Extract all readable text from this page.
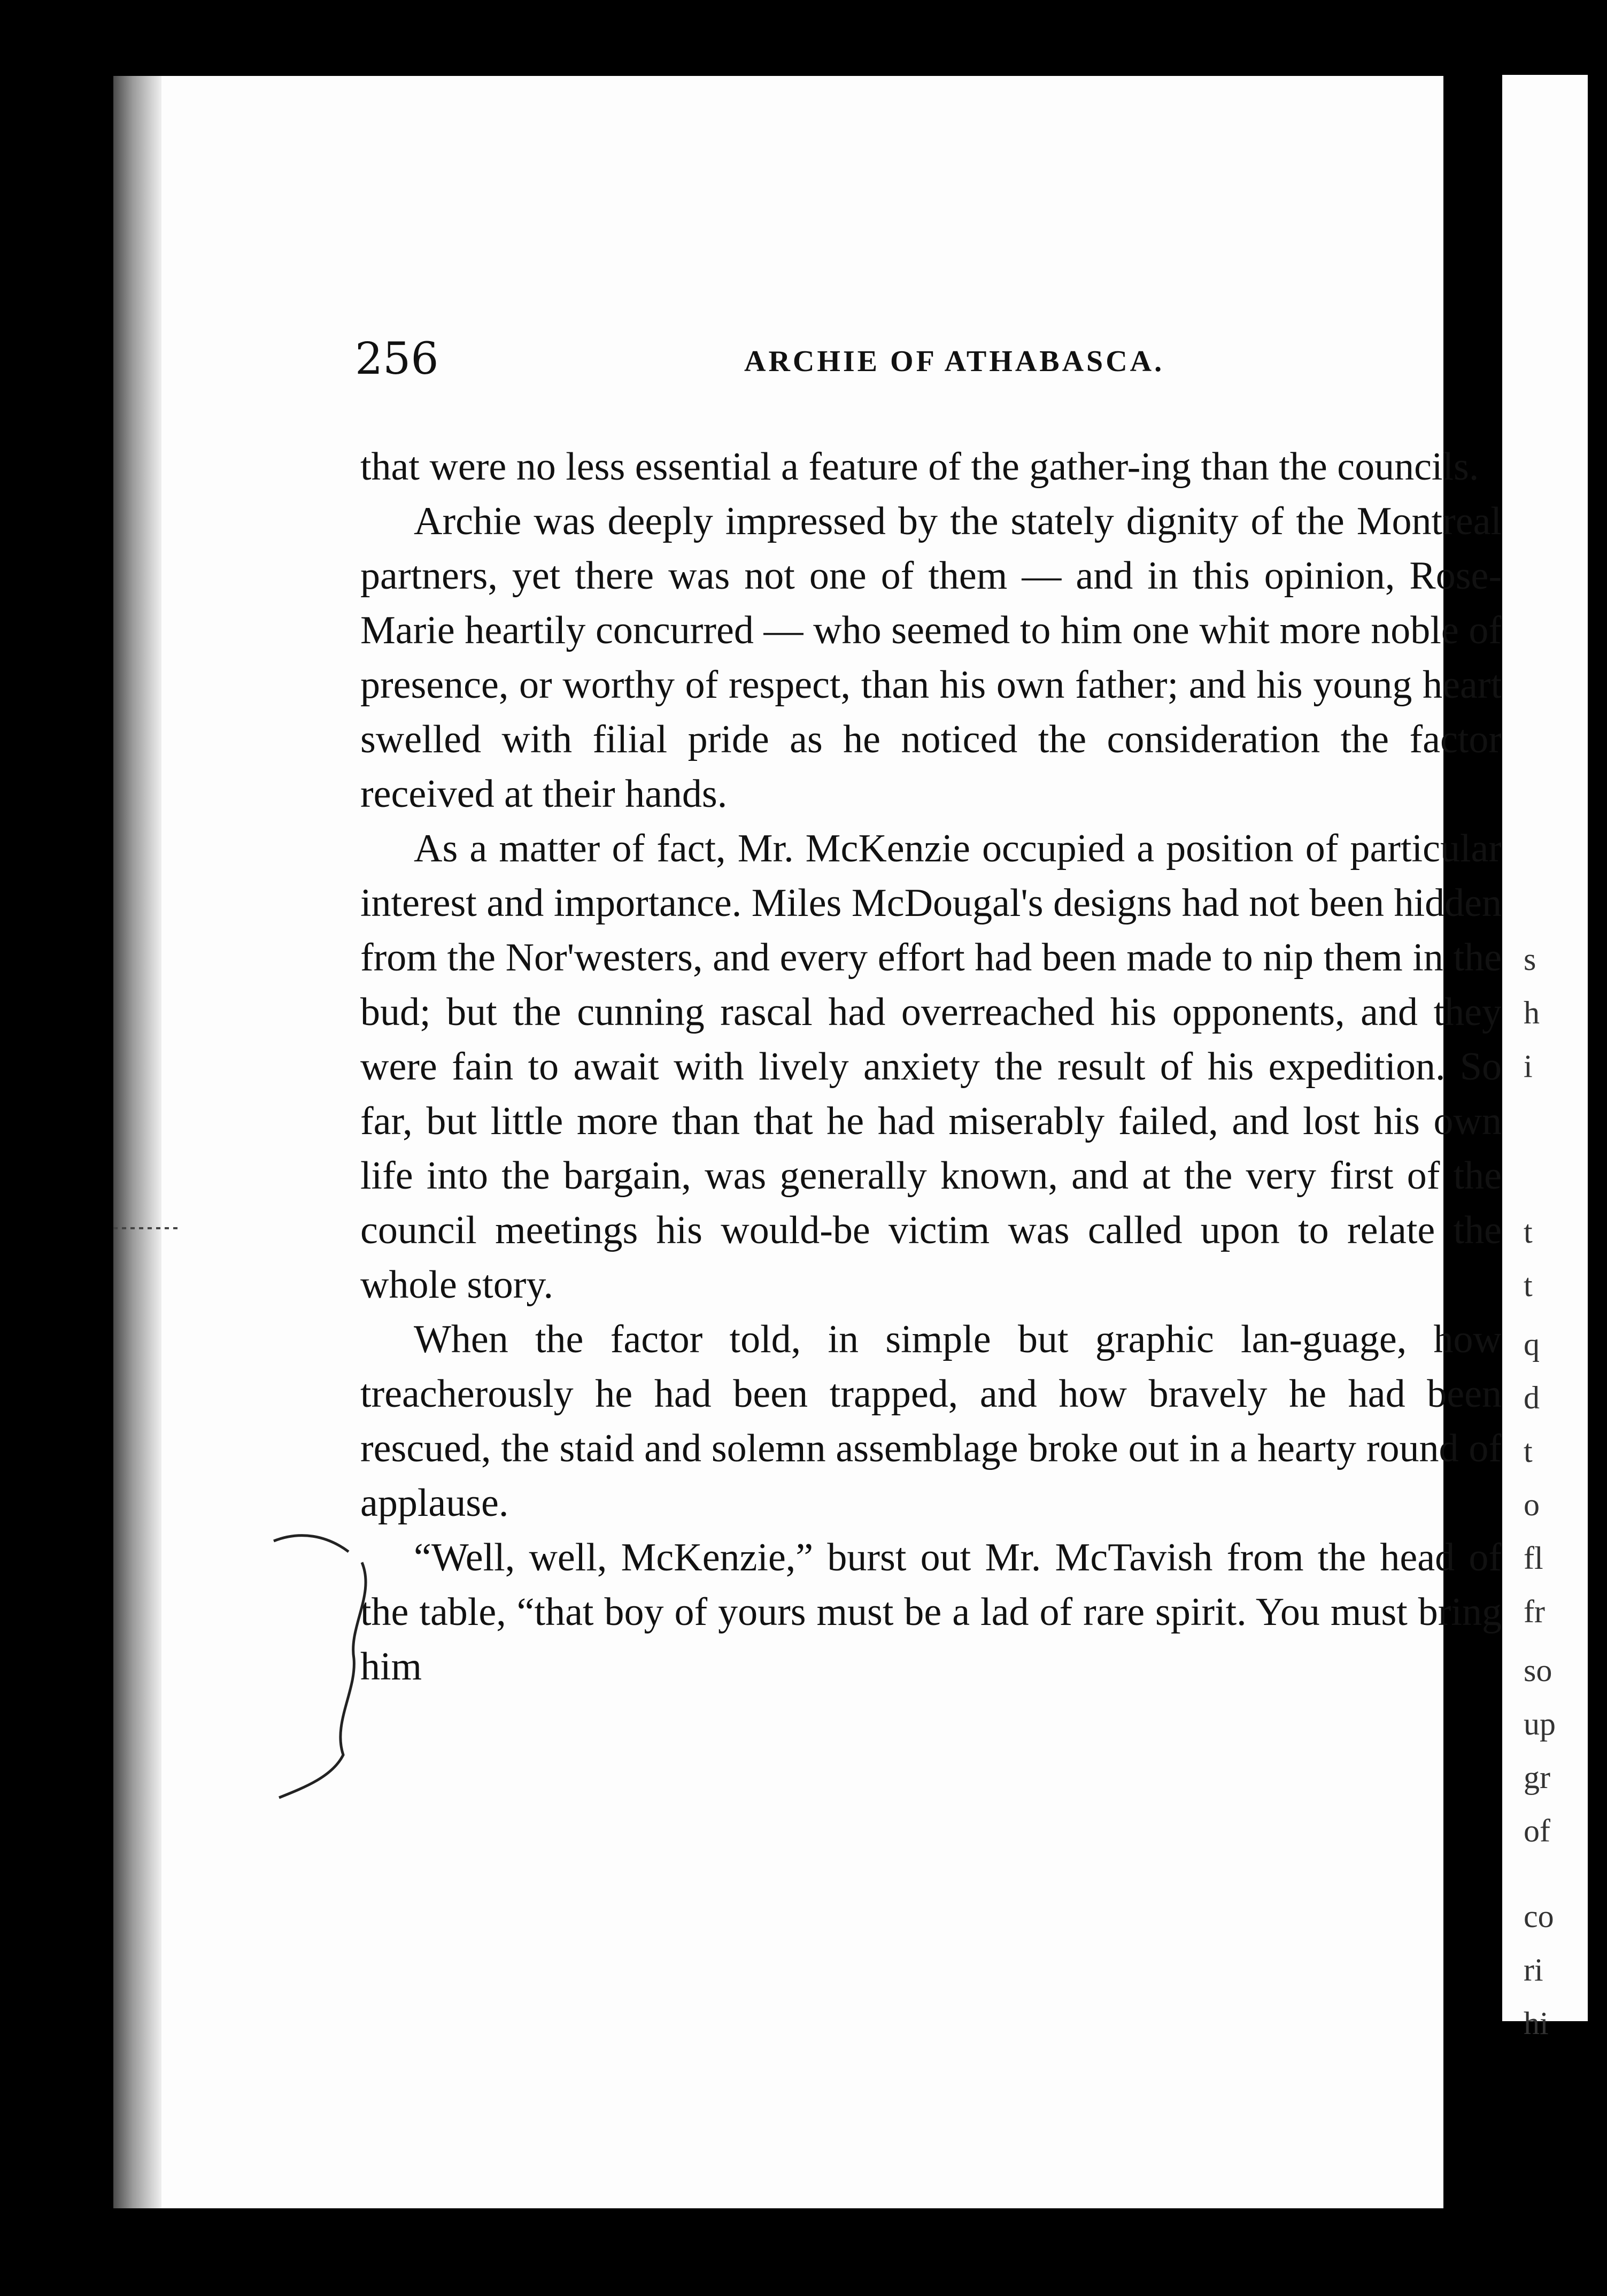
256	ARCHIE OF ATHABASCA.

that were no less essential a feature of the gather-ing than the councils.

Archie was deeply impressed by the stately dignity of the Montreal partners, yet there was not one of them — and in this opinion, Rose-Marie heartily concurred — who seemed to him one whit more noble of presence, or worthy of respect, than his own father; and his young heart swelled with filial pride as he noticed the consideration the factor received at their hands.

As a matter of fact, Mr. McKenzie occupied a position of particular interest and importance. Miles McDougal's designs had not been hidden from the Nor'westers, and every effort had been made to nip them in the bud; but the cunning rascal had overreached his opponents, and they were fain to await with lively anxiety the result of his expedition. So far, but little more than that he had miserably failed, and lost his own life into the bargain, was generally known, and at the very first of the council meetings his would-be victim was called upon to relate the whole story.

When the factor told, in simple but graphic lan-guage, how treacherously he had been trapped, and how bravely he had been rescued, the staid and solemn assemblage broke out in a hearty round of applause.

“Well, well, McKenzie,” burst out Mr. McTavish from the head of the table, “that boy of yours must be a lad of rare spirit. You must bring him

s
h
i
t
t
q
d
t
o
fl
fr
so
up
gr
of
co
ri
hi
